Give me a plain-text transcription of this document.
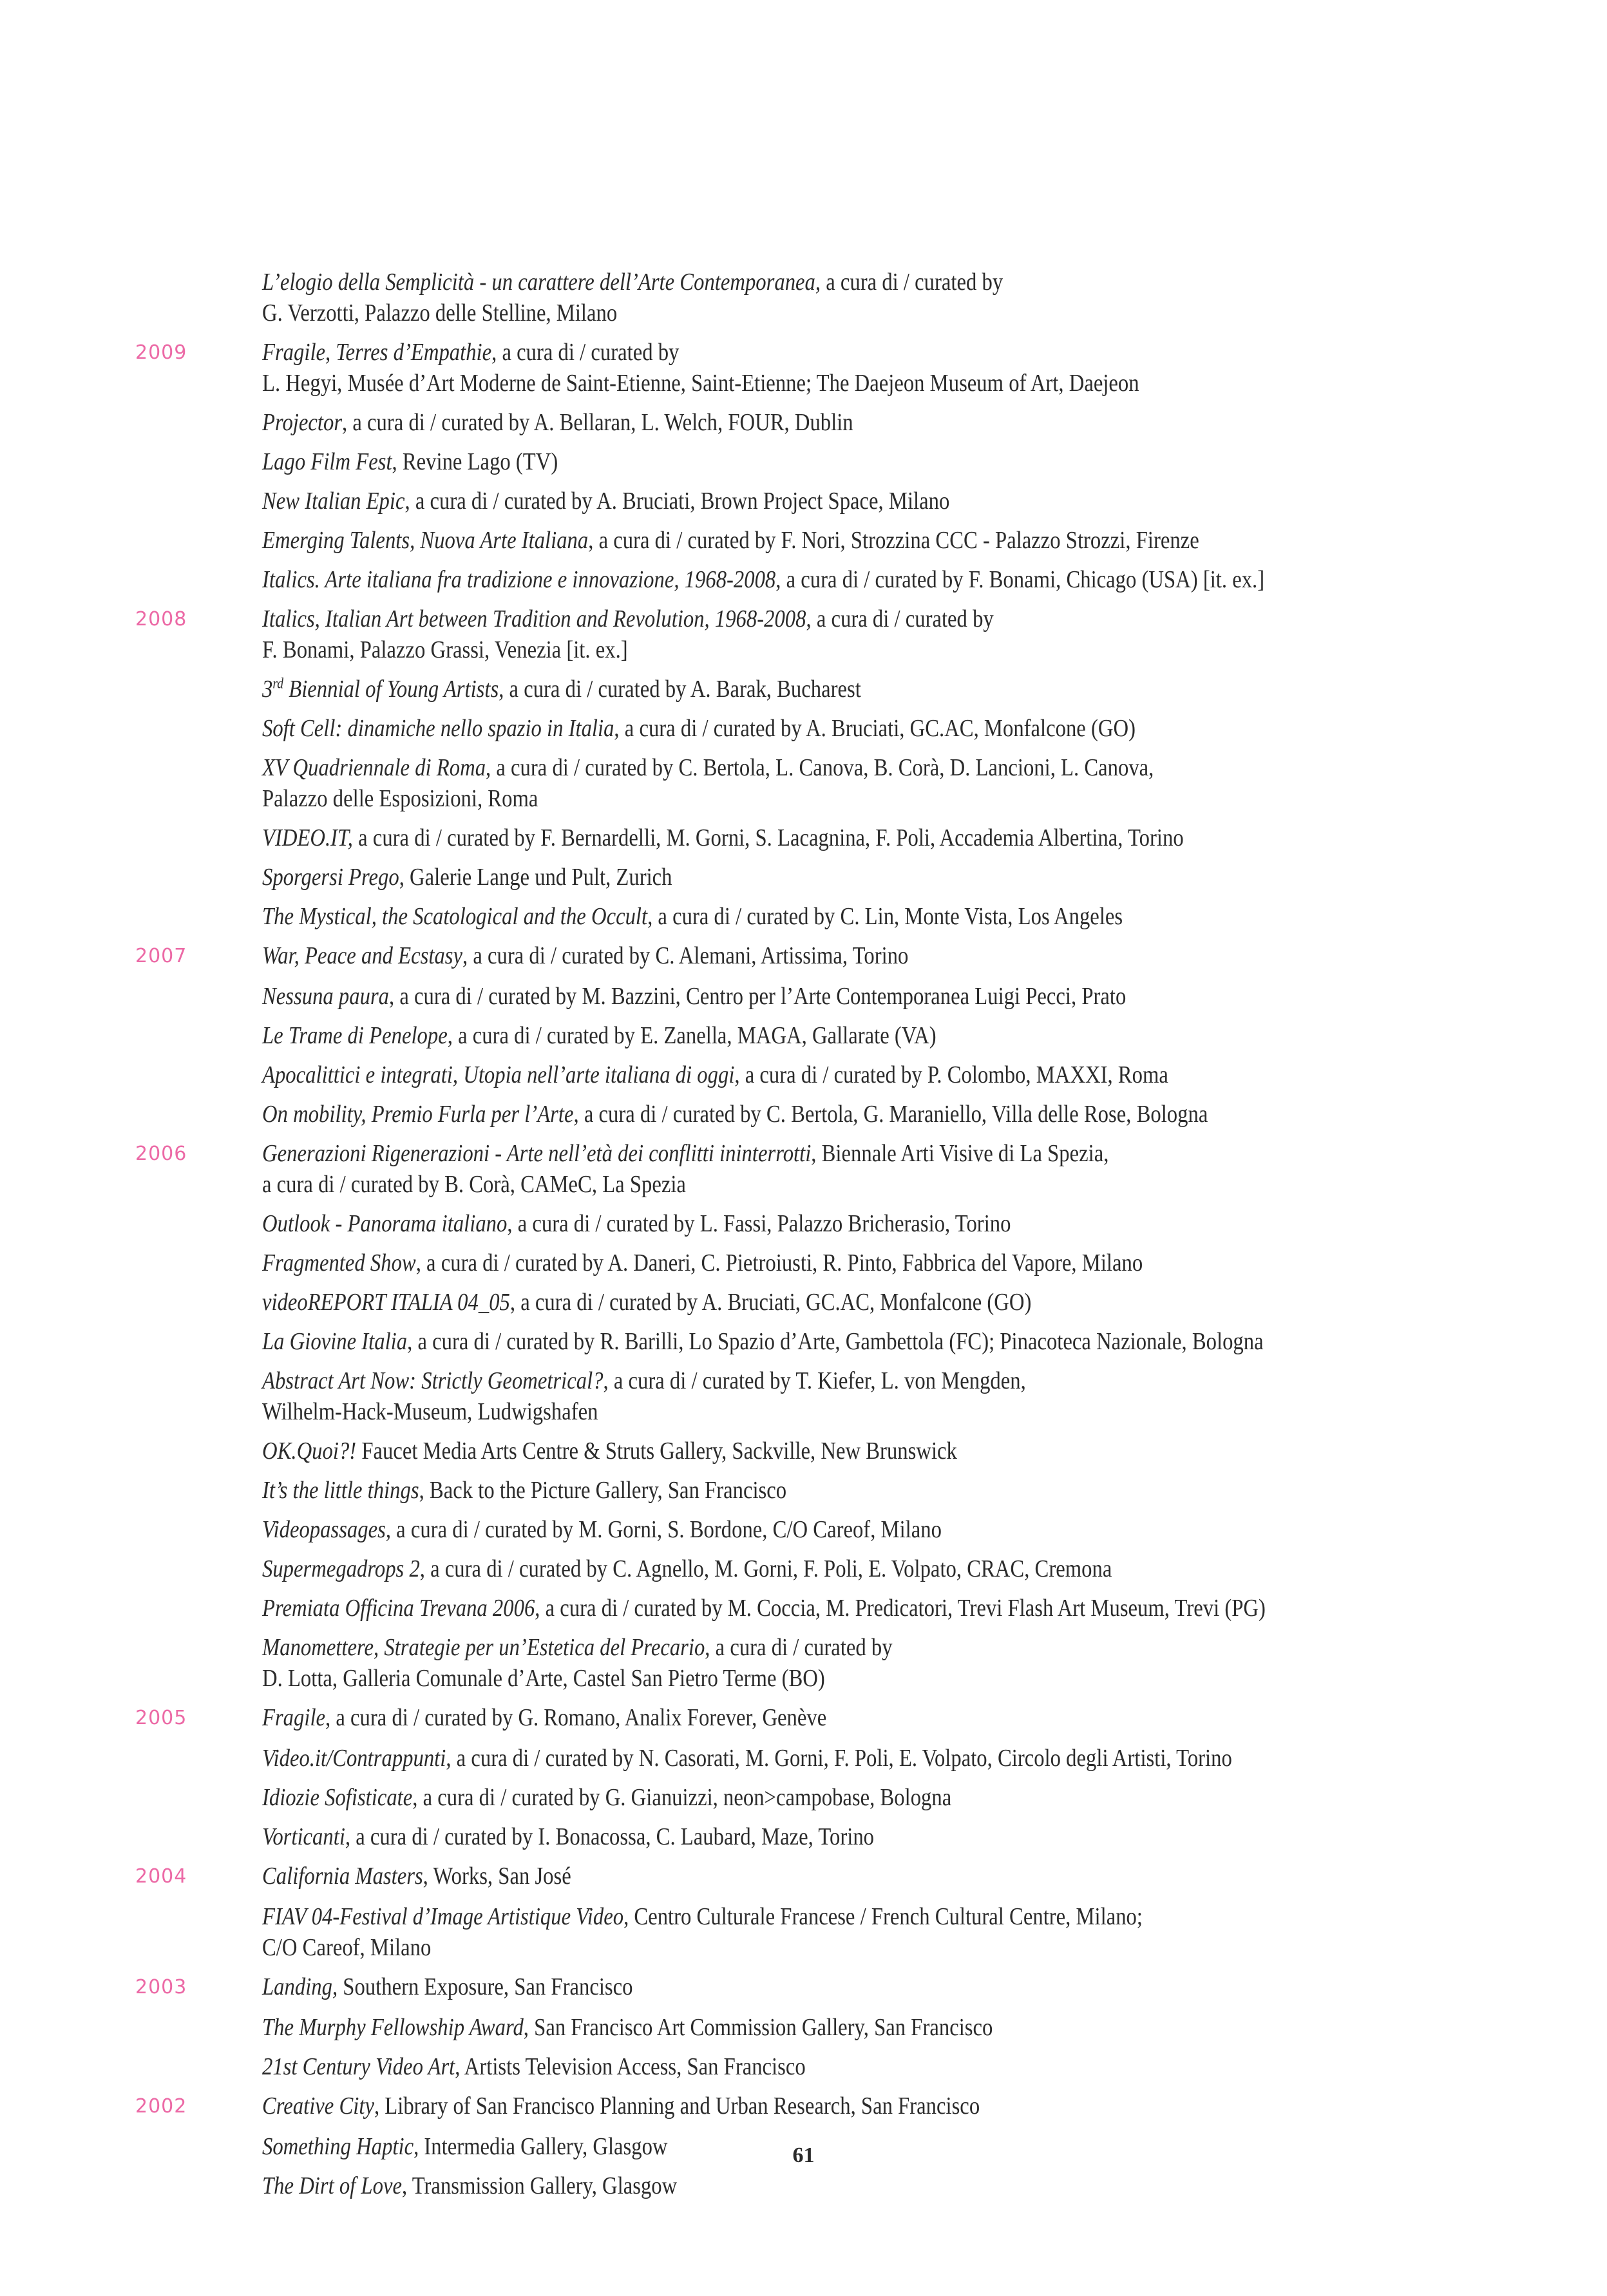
L’elogio della Semplicità - un carattere dell’Arte Contemporanea, a cura di / curated by
G. Verzotti, Palazzo delle Stelline, Milano
2009	Fragile, Terres d’Empathie, a cura di / curated by
L. Hegyi, Musée d’Art Moderne de Saint-Etienne, Saint-Etienne; The Daejeon Museum of Art, Daejeon
Projector, a cura di / curated by A. Bellaran, L. Welch, FOUR, Dublin
Lago Film Fest, Revine Lago (TV)
New Italian Epic, a cura di / curated by A. Bruciati, Brown Project Space, Milano
Emerging Talents, Nuova Arte Italiana, a cura di / curated by F. Nori, Strozzina CCC - Palazzo Strozzi, Firenze
Italics. Arte italiana fra tradizione e innovazione, 1968-2008, a cura di / curated by F. Bonami, Chicago (USA) [it. ex.]
2008	Italics, Italian Art between Tradition and Revolution, 1968-2008, a cura di / curated by
F. Bonami, Palazzo Grassi, Venezia [it. ex.]
3rd Biennial of Young Artists, a cura di / curated by A. Barak, Bucharest
Soft Cell: dinamiche nello spazio in Italia, a cura di / curated by A. Bruciati, GC.AC, Monfalcone (GO)
XV Quadriennale di Roma, a cura di / curated by C. Bertola, L. Canova, B. Corà, D. Lancioni, L. Canova,
Palazzo delle Esposizioni, Roma
VIDEO.IT, a cura di / curated by F. Bernardelli, M. Gorni, S. Lacagnina, F. Poli, Accademia Albertina, Torino
Sporgersi Prego, Galerie Lange und Pult, Zurich
The Mystical, the Scatological and the Occult, a cura di / curated by C. Lin, Monte Vista, Los Angeles
2007	War, Peace and Ecstasy, a cura di / curated by C. Alemani, Artissima, Torino
Nessuna paura, a cura di / curated by M. Bazzini, Centro per l’Arte Contemporanea Luigi Pecci, Prato
Le Trame di Penelope, a cura di / curated by E. Zanella, MAGA, Gallarate (VA)
Apocalittici e integrati, Utopia nell’arte italiana di oggi, a cura di / curated by P. Colombo, MAXXI, Roma
On mobility, Premio Furla per l’Arte, a cura di / curated by C. Bertola, G. Maraniello, Villa delle Rose, Bologna
2006	Generazioni Rigenerazioni - Arte nell’età dei conflitti ininterrotti, Biennale Arti Visive di La Spezia,
a cura di / curated by B. Corà, CAMeC, La Spezia
Outlook - Panorama italiano, a cura di / curated by L. Fassi, Palazzo Bricherasio, Torino
Fragmented Show, a cura di / curated by A. Daneri, C. Pietroiusti, R. Pinto, Fabbrica del Vapore, Milano
videoREPORT ITALIA 04_05, a cura di / curated by A. Bruciati, GC.AC, Monfalcone (GO)
La Giovine Italia, a cura di / curated by R. Barilli, Lo Spazio d’Arte, Gambettola (FC); Pinacoteca Nazionale, Bologna
Abstract Art Now: Strictly Geometrical?, a cura di / curated by T. Kiefer, L. von Mengden,
Wilhelm-Hack-Museum, Ludwigshafen
OK.Quoi?! Faucet Media Arts Centre & Struts Gallery, Sackville, New Brunswick
It’s the little things, Back to the Picture Gallery, San Francisco
Videopassages, a cura di / curated by M. Gorni, S. Bordone, C/O Careof, Milano
Supermegadrops 2, a cura di / curated by C. Agnello, M. Gorni, F. Poli, E. Volpato, CRAC, Cremona
Premiata Officina Trevana 2006, a cura di / curated by M. Coccia, M. Predicatori, Trevi Flash Art Museum, Trevi (PG)
Manomettere, Strategie per un’Estetica del Precario, a cura di / curated by
D. Lotta, Galleria Comunale d’Arte, Castel San Pietro Terme (BO)
2005	Fragile, a cura di / curated by G. Romano, Analix Forever, Genève
Video.it/Contrappunti, a cura di / curated by N. Casorati, M. Gorni, F. Poli, E. Volpato, Circolo degli Artisti, Torino
Idiozie Sofisticate, a cura di / curated by G. Gianuizzi, neon>campobase, Bologna
Vorticanti, a cura di / curated by I. Bonacossa, C. Laubard, Maze, Torino
2004	California Masters, Works, San José
FIAV 04-Festival d’Image Artistique Video, Centro Culturale Francese / French Cultural Centre, Milano;
C/O Careof, Milano
2003	Landing, Southern Exposure, San Francisco
The Murphy Fellowship Award, San Francisco Art Commission Gallery, San Francisco
21st Century Video Art, Artists Television Access, San Francisco
2002	Creative City, Library of San Francisco Planning and Urban Research, San Francisco
Something Haptic, Intermedia Gallery, Glasgow
The Dirt of Love, Transmission Gallery, Glasgow
61
